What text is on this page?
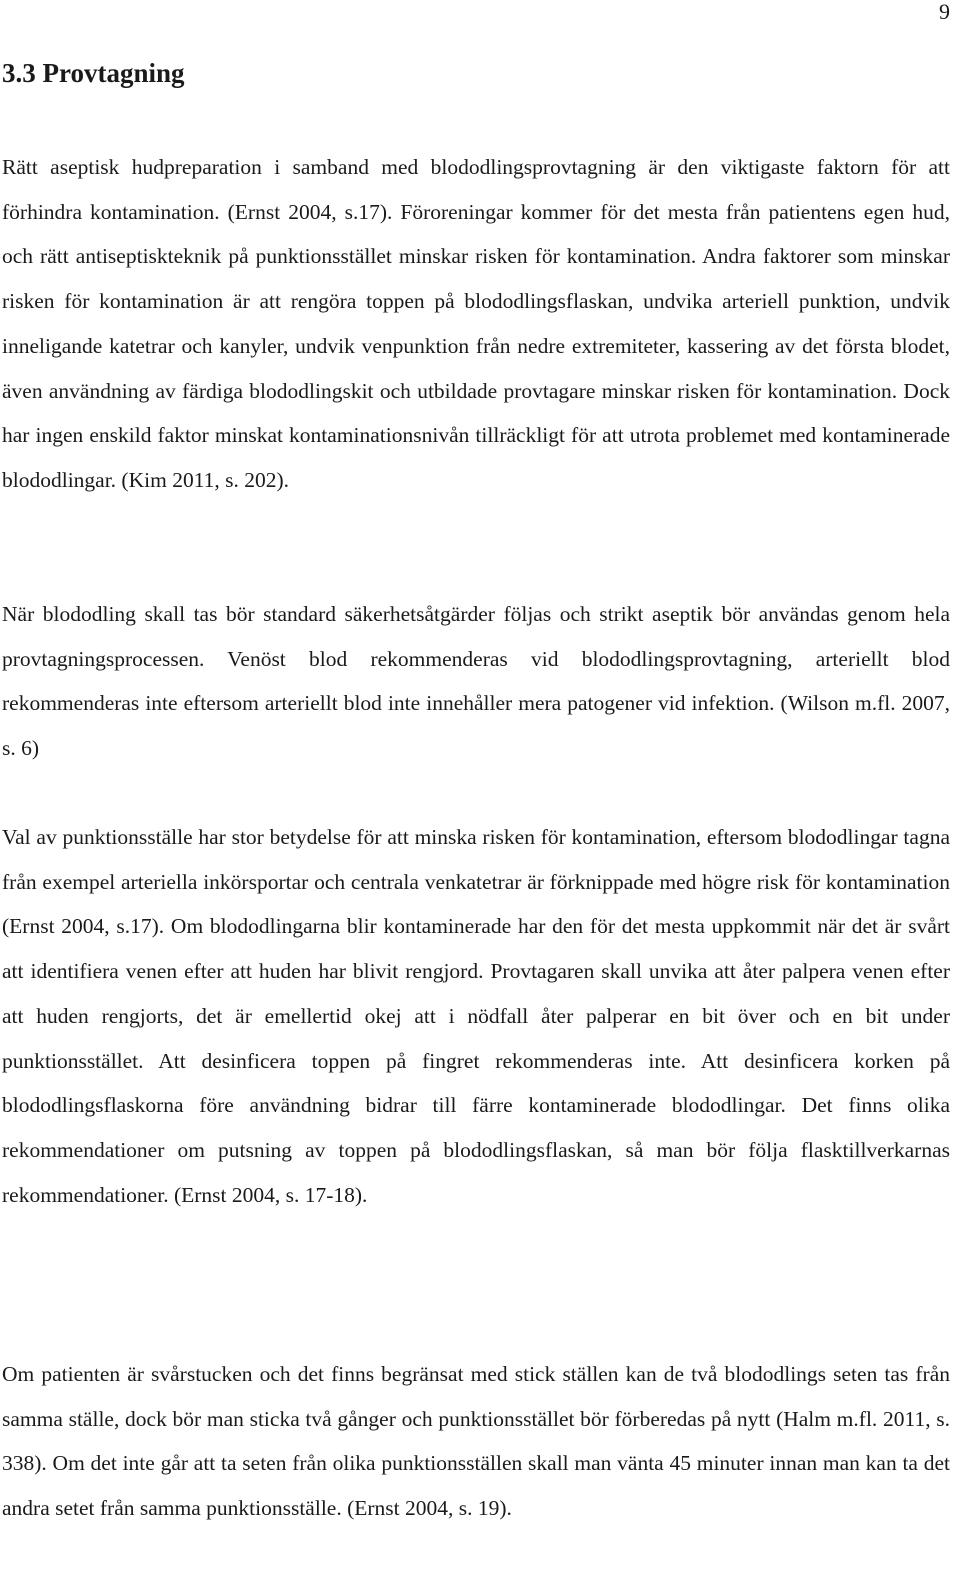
9
3.3 Provtagning

Rätt aseptisk hudpreparation i samband med blododlingsprovtagning är den viktigaste faktorn för att förhindra kontamination. (Ernst 2004, s.17). Föroreningar kommer för det mesta från patientens egen hud, och rätt antiseptiskteknik på punktionsstället minskar risken för kontamination. Andra faktorer som minskar risken för kontamination är att rengöra toppen på blododlingsflaskan, undvika arteriell punktion, undvik inneligande katetrar och kanyler, undvik venpunktion från nedre extremiteter, kassering av det första blodet, även användning av färdiga blododlingskit och utbildade provtagare minskar risken för kontamination. Dock har ingen enskild faktor minskat kontaminationsnivån tillräckligt för att utrota problemet med kontaminerade blododlingar. (Kim 2011, s. 202).

När blododling skall tas bör standard säkerhetsåtgärder följas och strikt aseptik bör användas genom hela provtagningsprocessen. Venöst blod rekommenderas vid blododlingsprovtagning, arteriellt blod rekommenderas inte eftersom arteriellt blod inte innehåller mera patogener vid infektion. (Wilson m.fl. 2007, s. 6)

Val av punktionsställe har stor betydelse för att minska risken för kontamination, eftersom blododlingar tagna från exempel arteriella inkörsportar och centrala venkatetrar är förknippade med högre risk för kontamination (Ernst 2004, s.17). Om blododlingarna blir kontaminerade har den för det mesta uppkommit när det är svårt att identifiera venen efter att huden har blivit rengjord. Provtagaren skall unvika att åter palpera venen efter att huden rengjorts, det är emellertid okej att i nödfall åter palperar en bit över och en bit under punktionsstället. Att desinficera toppen på fingret rekommenderas inte. Att desinficera korken på blododlingsflaskorna före användning bidrar till färre kontaminerade blododlingar. Det finns olika rekommendationer om putsning av toppen på blododlingsflaskan, så man bör följa flasktillverkarnas rekommendationer. (Ernst 2004, s. 17-18).

Om patienten är svårstucken och det finns begränsat med stick ställen kan de två blododlings seten tas från samma ställe, dock bör man sticka två gånger och punktionsstället bör förberedas på nytt (Halm m.fl. 2011, s. 338). Om det inte går att ta seten från olika punktionsställen skall man vänta 45 minuter innan man kan ta det andra setet från samma punktionsställe. (Ernst 2004, s. 19).
